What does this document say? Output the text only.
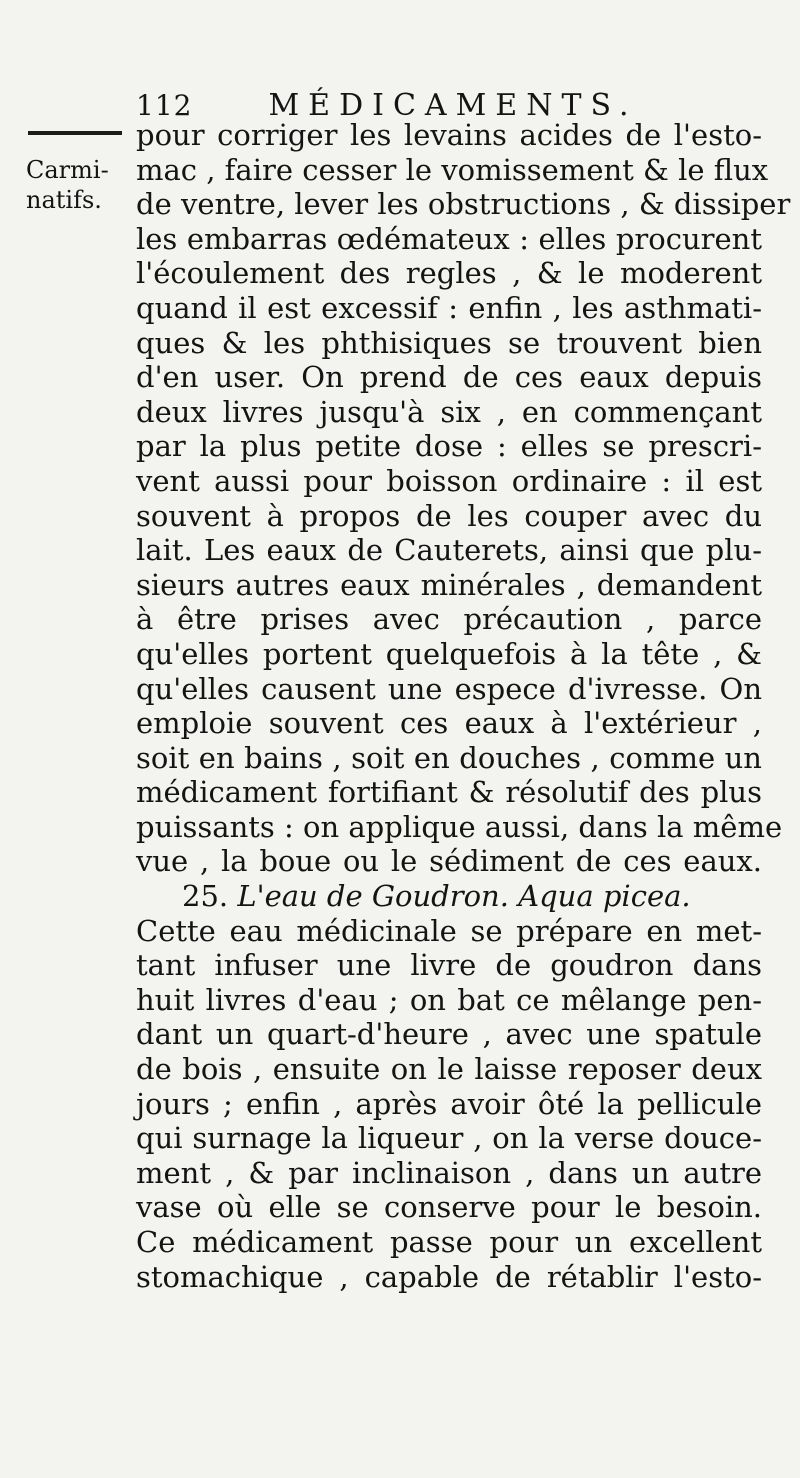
112	MÉDICAMENTS.
Carmi-
natifs.
pour corriger les levains acides de l'esto-
mac , faire cesser le vomissement & le flux
de ventre, lever les obstructions , & dissiper
les embarras œdémateux : elles procurent
l'écoulement des regles , & le moderent
quand il est excessif : enfin , les asthmati-
ques & les phthisiques se trouvent bien
d'en user. On prend de ces eaux depuis
deux livres jusqu'à six , en commençant
par la plus petite dose : elles se prescri-
vent aussi pour boisson ordinaire : il est
souvent à propos de les couper avec du
lait. Les eaux de Cauterets, ainsi que plu-
sieurs autres eaux minérales , demandent
à être prises avec précaution , parce
qu'elles portent quelquefois à la tête , &
qu'elles causent une espece d'ivresse. On
emploie souvent ces eaux à l'extérieur ,
soit en bains , soit en douches , comme un
médicament fortifiant & résolutif des plus
puissants : on applique aussi, dans la même
vue , la boue ou le sédiment de ces eaux.
25. L'eau de Goudron. Aqua picea.
Cette eau médicinale se prépare en met-
tant infuser une livre de goudron dans
huit livres d'eau ; on bat ce mêlange pen-
dant un quart-d'heure , avec une spatule
de bois , ensuite on le laisse reposer deux
jours ; enfin , après avoir ôté la pellicule
qui surnage la liqueur , on la verse douce-
ment , & par inclinaison , dans un autre
vase où elle se conserve pour le besoin.
Ce médicament passe pour un excellent
stomachique , capable de rétablir l'esto-
